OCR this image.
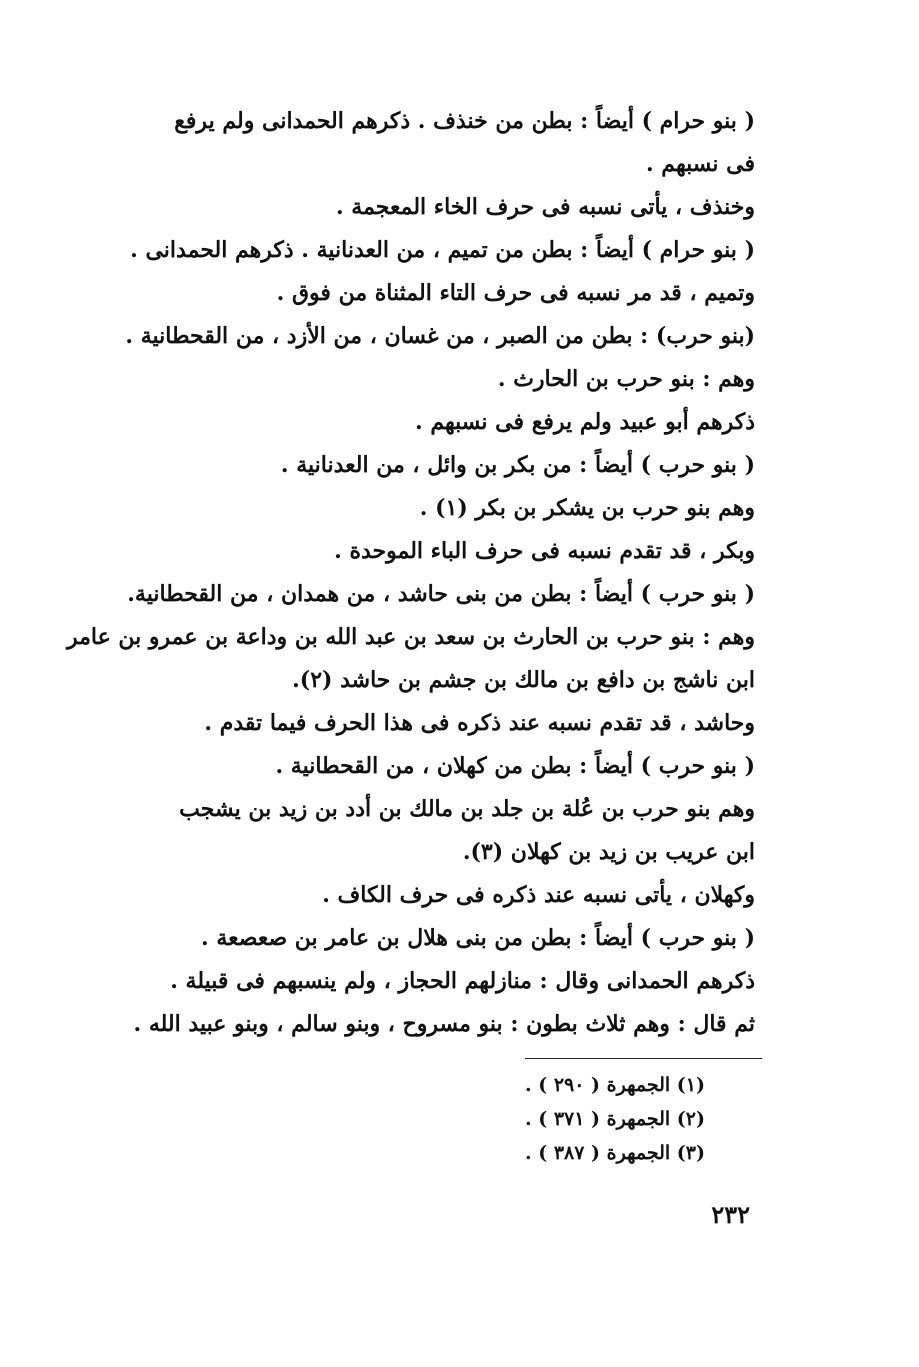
( بنو حرام ) أيضاً : بطن من خنذف . ذكرهم الحمدانى ولم يرفع
فى نسبهم .
وخنذف ، يأتى نسبه فى حرف الخاء المعجمة .
( بنو حرام ) أيضاً : بطن من تميم ، من العدنانية . ذكرهم الحمدانى .
وتميم ، قد مر نسبه فى حرف التاء المثناة من فوق .
(بنو حرب) : بطن من الصبر ، من غسان ، من الأزد ، من القحطانية .
وهم : بنو حرب بن الحارث .
ذكرهم أبو عبيد ولم يرفع فى نسبهم .
( بنو حرب ) أيضاً : من بكر بن وائل ، من العدنانية .
وهم بنو حرب بن يشكر بن بكر (١) .
وبكر ، قد تقدم نسبه فى حرف الباء الموحدة .
( بنو حرب ) أيضاً : بطن من بنى حاشد ، من همدان ، من القحطانية.
وهم : بنو حرب بن الحارث بن سعد بن عبد الله بن وداعة بن عمرو بن عامر
ابن ناشج بن دافع بن مالك بن جشم بن حاشد (٢).
وحاشد ، قد تقدم نسبه عند ذكره فى هذا الحرف فيما تقدم .
( بنو حرب ) أيضاً : بطن من كهلان ، من القحطانية .
وهم بنو حرب بن عُلة بن جلد بن مالك بن أدد بن زيد بن يشجب
ابن عريب بن زيد بن كهلان (٣).
وكهلان ، يأتى نسبه عند ذكره فى حرف الكاف .
( بنو حرب ) أيضاً : بطن من بنى هلال بن عامر بن صعصعة .
ذكرهم الحمدانى وقال : منازلهم الحجاز ، ولم ينسبهم فى قبيلة .
ثم قال : وهم ثلاث بطون : بنو مسروح ، وبنو سالم ، وبنو عبيد الله .
(١) الجمهرة ( ٢٩٠ ) .
(٢) الجمهرة ( ٣٧١ ) .
(٣) الجمهرة ( ٣٨٧ ) .
٢٣٢
